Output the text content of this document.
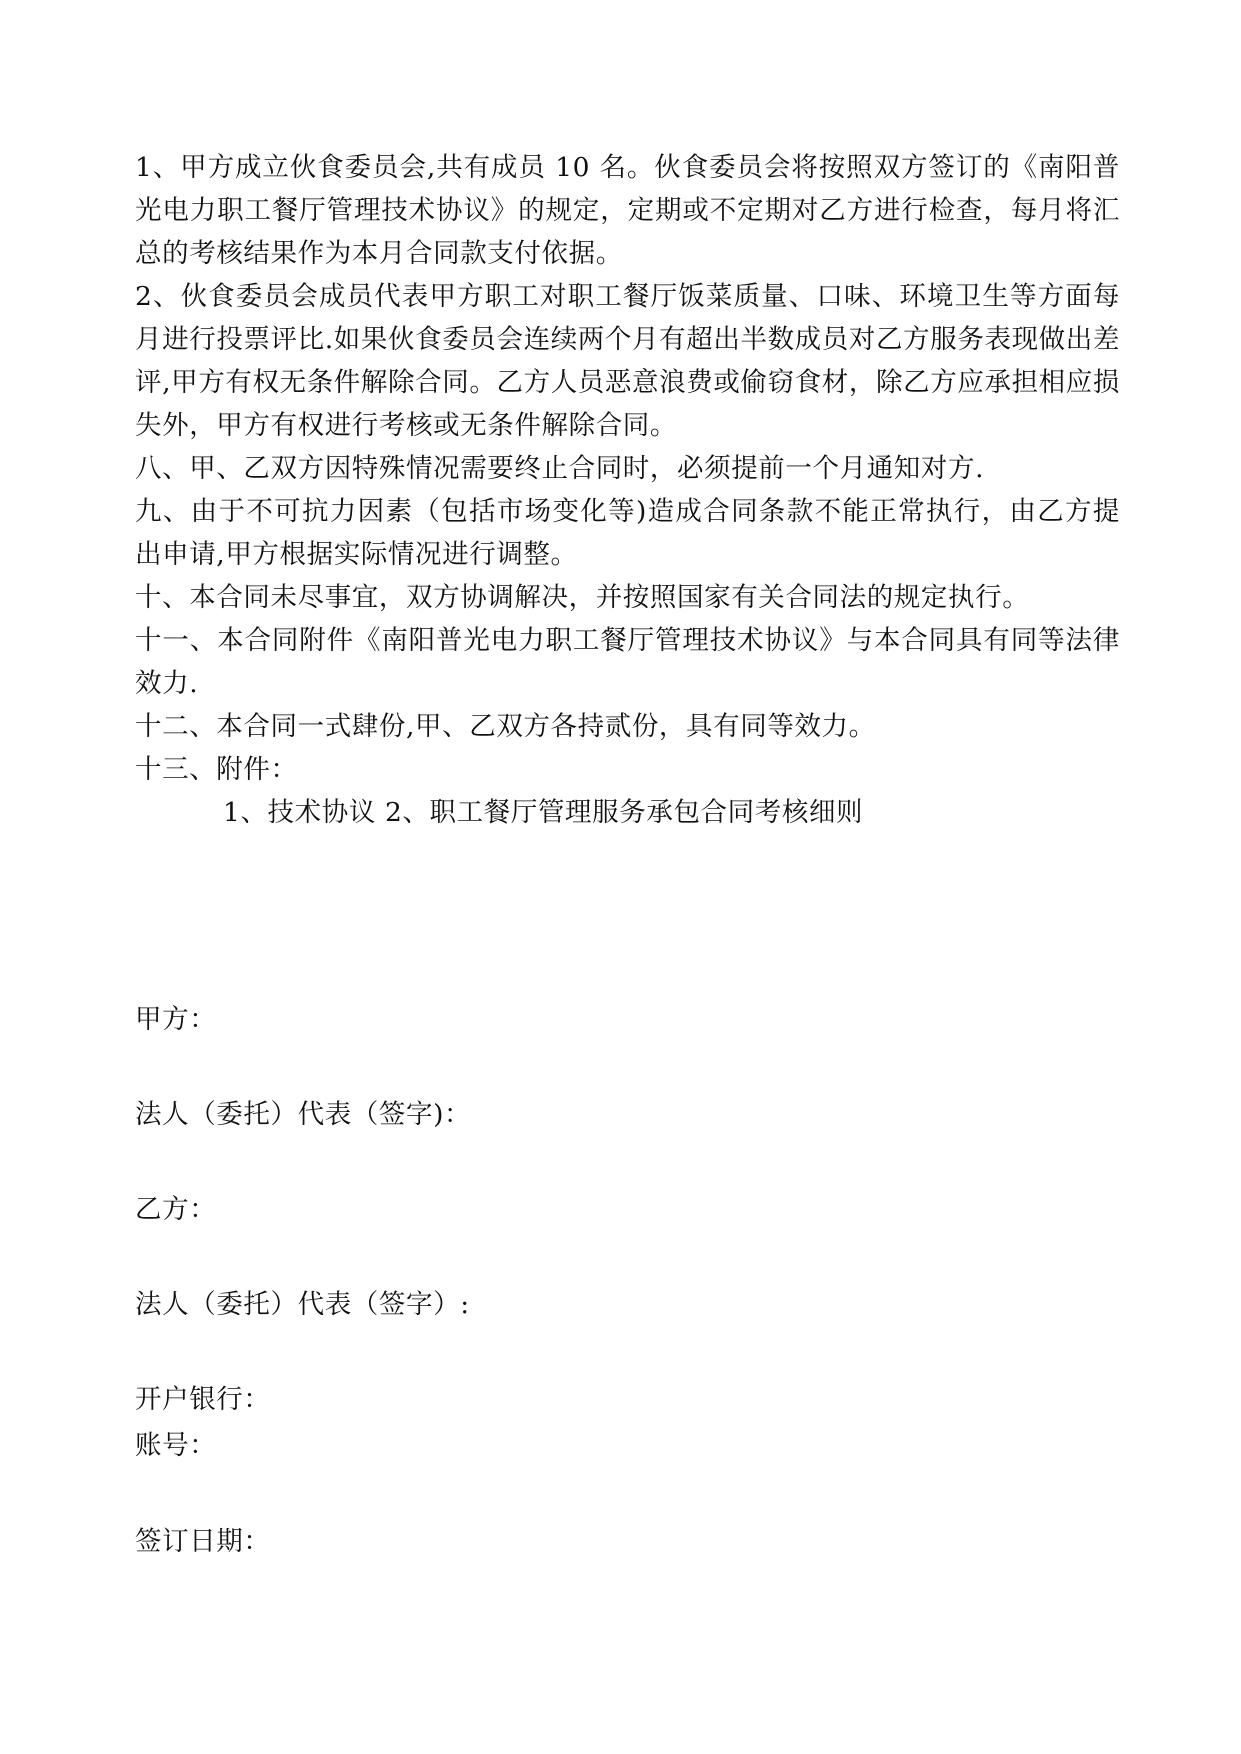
1、甲方成立伙食委员会,共有成员 10 名。伙食委员会将按照双方签订的《南阳普光电力职工餐厅管理技术协议》的规定，定期或不定期对乙方进行检查，每月将汇总的考核结果作为本月合同款支付依据。

2、伙食委员会成员代表甲方职工对职工餐厅饭菜质量、口味、环境卫生等方面每月进行投票评比.如果伙食委员会连续两个月有超出半数成员对乙方服务表现做出差评,甲方有权无条件解除合同。乙方人员恶意浪费或偷窃食材，除乙方应承担相应损失外，甲方有权进行考核或无条件解除合同。

八、甲、乙双方因特殊情况需要终止合同时，必须提前一个月通知对方.

九、由于不可抗力因素（包括市场变化等)造成合同条款不能正常执行，由乙方提出申请,甲方根据实际情况进行调整。

十、本合同未尽事宜，双方协调解决，并按照国家有关合同法的规定执行。

十一、本合同附件《南阳普光电力职工餐厅管理技术协议》与本合同具有同等法律效力.

十二、本合同一式肆份,甲、乙双方各持贰份，具有同等效力。

十三、附件：

1、技术协议 2、职工餐厅管理服务承包合同考核细则

甲方：
法人（委托）代表（签字)：
乙方：
法人（委托）代表（签字）:
开户银行：
账号：
签订日期：
